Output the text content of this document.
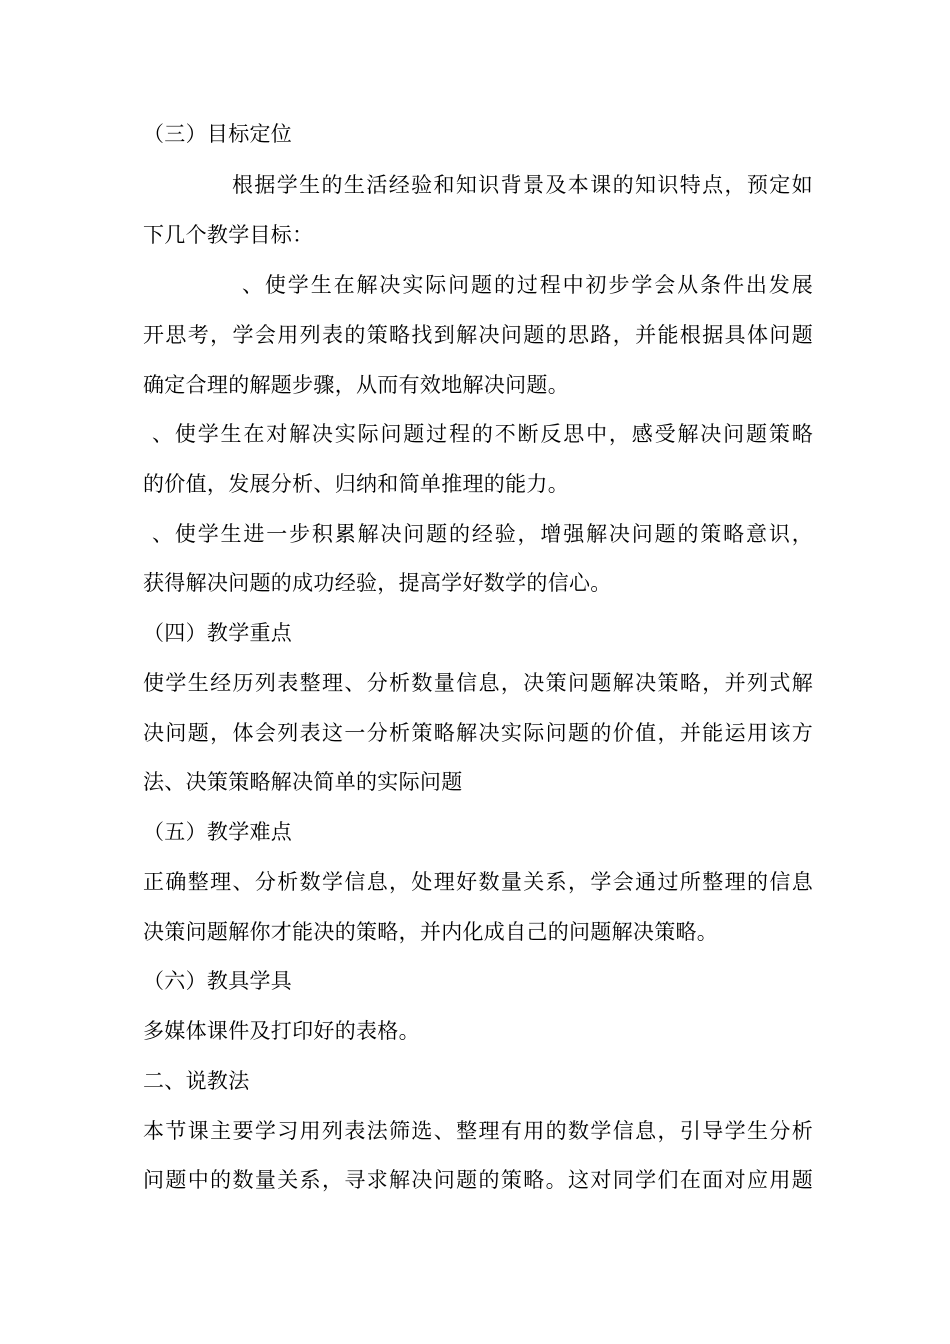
（三）目标定位
根据学生的生活经验和知识背景及本课的知识特点，预定如
下几个教学目标：
、使学生在解决实际问题的过程中初步学会从条件出发展
开思考，学会用列表的策略找到解决问题的思路，并能根据具体问题
确定合理的解题步骤，从而有效地解决问题。
、使学生在对解决实际问题过程的不断反思中，感受解决问题策略
的价值，发展分析、归纳和简单推理的能力。
、使学生进一步积累解决问题的经验，增强解决问题的策略意识，
获得解决问题的成功经验，提高学好数学的信心。
（四）教学重点
使学生经历列表整理、分析数量信息，决策问题解决策略，并列式解
决问题，体会列表这一分析策略解决实际问题的价值，并能运用该方
法、决策策略解决简单的实际问题
（五）教学难点
正确整理、分析数学信息，处理好数量关系，学会通过所整理的信息
决策问题解你才能决的策略，并内化成自己的问题解决策略。
（六）教具学具
多媒体课件及打印好的表格。
二、说教法
本节课主要学习用列表法筛选、整理有用的数学信息，引导学生分析
问题中的数量关系，寻求解决问题的策略。这对同学们在面对应用题
